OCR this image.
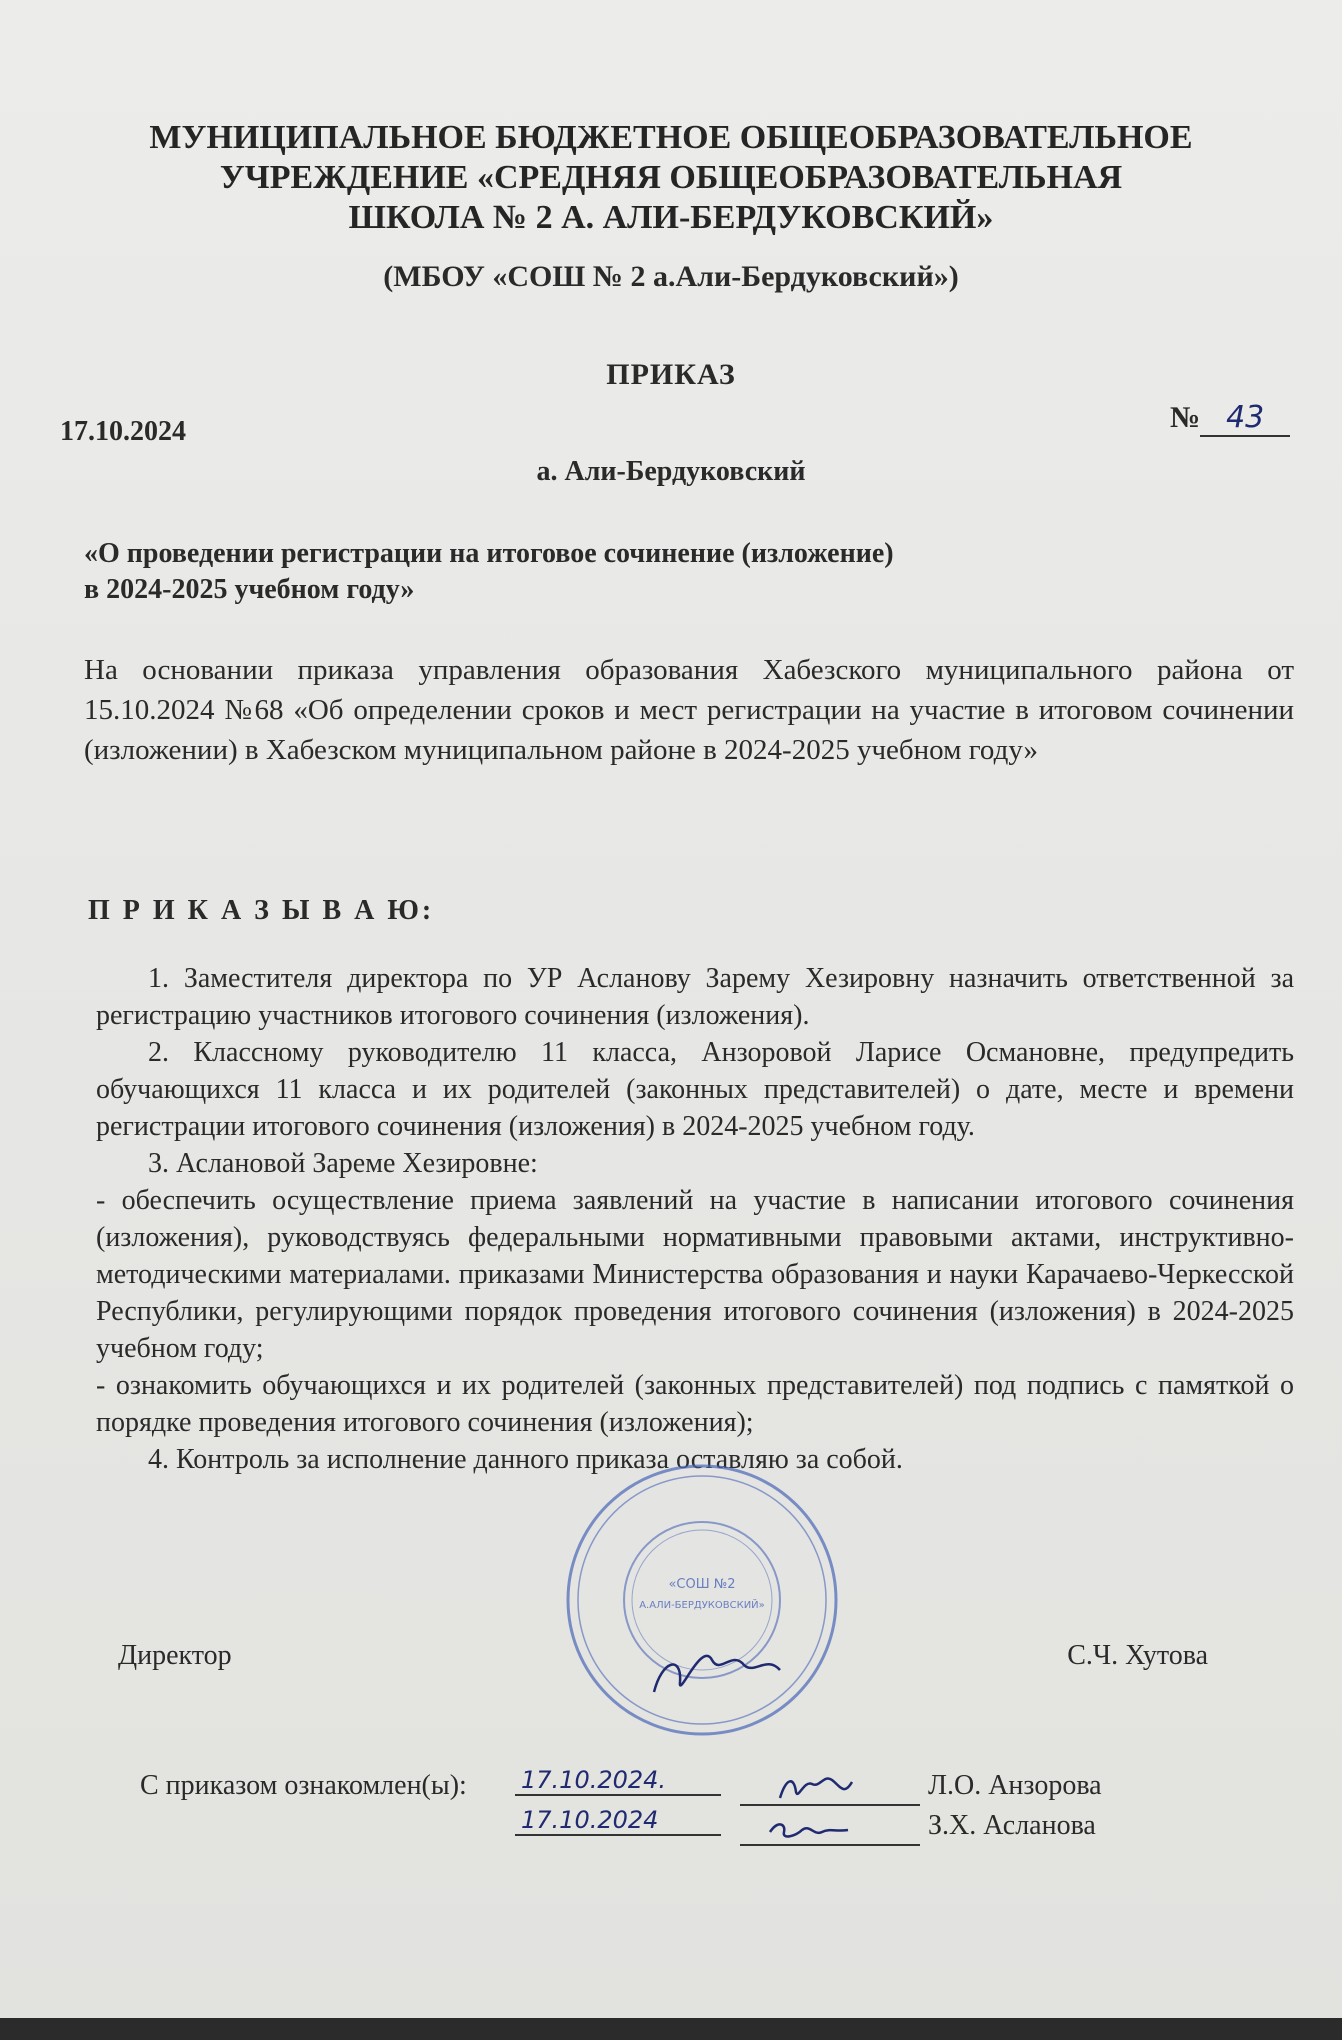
МУНИЦИПАЛЬНОЕ БЮДЖЕТНОЕ ОБЩЕОБРАЗОВАТЕЛЬНОЕ
УЧРЕЖДЕНИЕ «СРЕДНЯЯ ОБЩЕОБРАЗОВАТЕЛЬНАЯ
ШКОЛА № 2 А. АЛИ-БЕРДУКОВСКИЙ»
(МБОУ «СОШ № 2 а.Али-Бердуковский»)
ПРИКАЗ
17.10.2024	№ 43
а. Али-Бердуковский
«О проведении регистрации на итоговое сочинение (изложение)
в 2024-2025 учебном году»
На основании приказа управления образования Хабезского муниципального района от 15.10.2024 №68 «Об определении сроков и мест регистрации на участие в итоговом сочинении (изложении) в Хабезском муниципальном районе в 2024-2025 учебном году»
П Р И К А З Ы В А Ю:

1. Заместителя директора по УР Асланову Зарему Хезировну назначить ответственной за регистрацию участников итогового сочинения (изложения).

2. Классному руководителю 11 класса, Анзоровой Ларисе Османовне, предупредить обучающихся 11 класса и их родителей (законных представителей) о дате, месте и времени регистрации итогового сочинения (изложения) в 2024-2025 учебном году.

3. Аслановой Зареме Хезировне:

- обеспечить осуществление приема заявлений на участие в написании итогового сочинения (изложения), руководствуясь федеральными нормативными правовыми актами, инструктивно-методическими материалами. приказами Министерства образования и науки Карачаево-Черкесской Республики, регулирующими порядок проведения итогового сочинения (изложения) в 2024-2025 учебном году;

- ознакомить обучающихся и их родителей (законных представителей) под подпись с памяткой о порядке проведения итогового сочинения (изложения);

4. Контроль за исполнение данного приказа оставляю за собой.

«СОШ №2
А.АЛИ-БЕРДУКОВСКИЙ»
Директор	С.Ч. Хутова
С приказом ознакомлен(ы): 17.10.2024.	Л.О. Анзорова
17.10.2024	З.Х. Асланова
